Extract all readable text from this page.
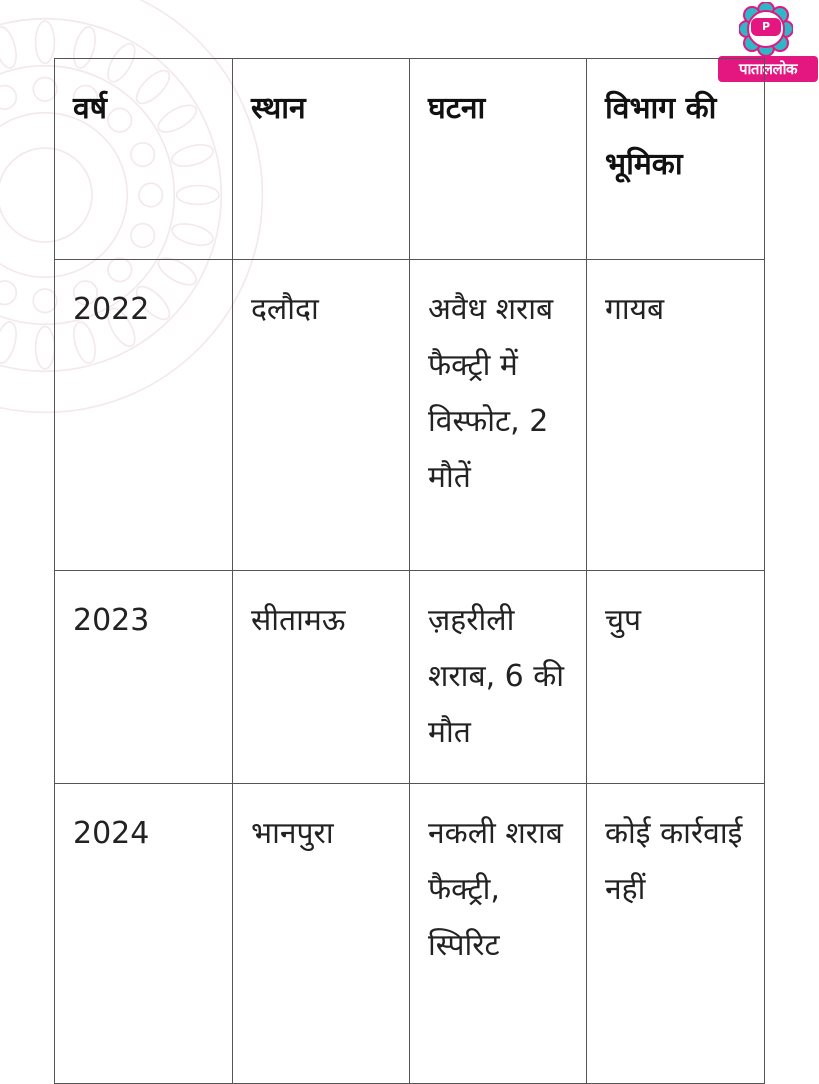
P
पाताललोक
वर्ष	स्थान	घटना	विभाग की भूमिका
2022	दलौदा	अवैध शराब फैक्ट्री में विस्फोट, 2 मौतें	गायब
2023	सीतामऊ	ज़हरीली शराब, 6 की मौत	चुप
2024	भानपुरा	नकली शराब फैक्ट्री, स्पिरिट	कोई कार्रवाई नहीं
